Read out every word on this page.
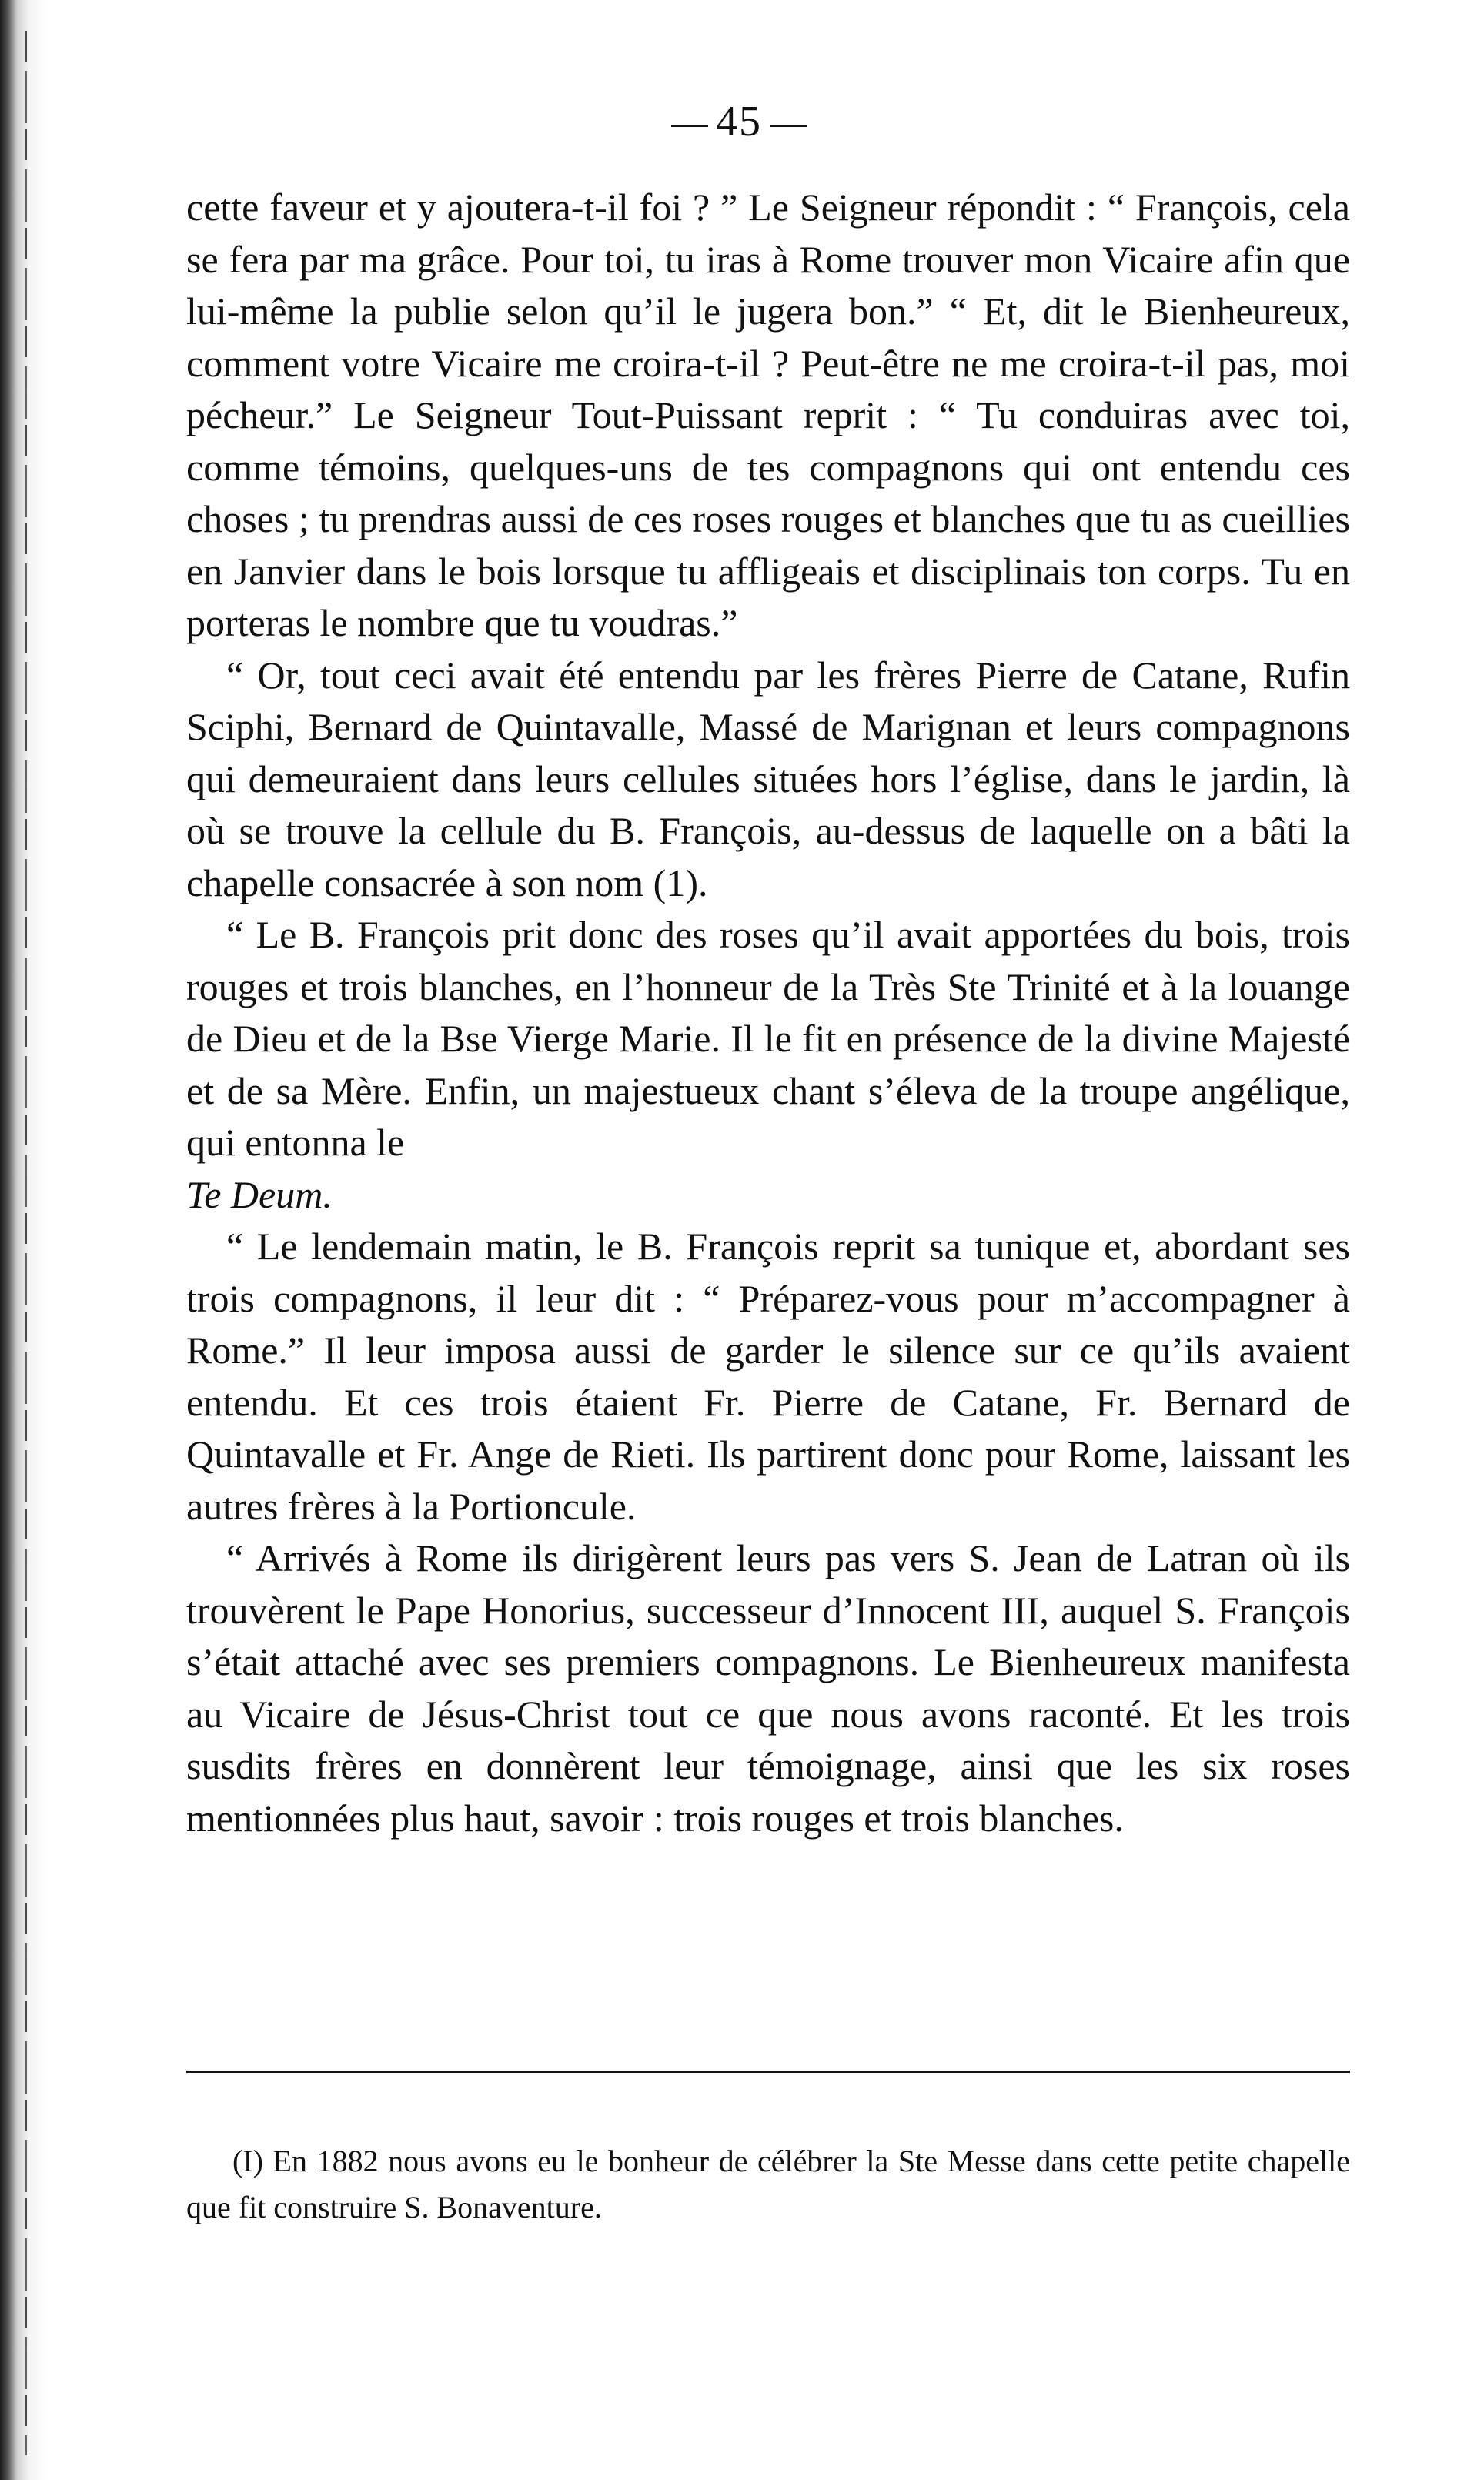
45

cette faveur et y ajoutera-t-il foi ? ” Le Seigneur répondit : “ François, cela se fera par ma grâce. Pour toi, tu iras à Rome trouver mon Vicaire afin que lui-même la publie selon qu’il le jugera bon.” “ Et, dit le Bienheureux, comment votre Vicaire me croira-t-il ? Peut-être ne me croira-t-il pas, moi pécheur.” Le Seigneur Tout-Puissant reprit : “ Tu conduiras avec toi, comme témoins, quelques-uns de tes compagnons qui ont entendu ces choses ; tu prendras aussi de ces roses rouges et blanches que tu as cueillies en Janvier dans le bois lorsque tu affligeais et disciplinais ton corps. Tu en porteras le nombre que tu voudras.”

“ Or, tout ceci avait été entendu par les frères Pierre de Catane, Rufin Sciphi, Bernard de Quintavalle, Massé de Marignan et leurs compagnons qui demeuraient dans leurs cellules situées hors l’église, dans le jardin, là où se trouve la cellule du B. François, au-dessus de laquelle on a bâti la chapelle consacrée à son nom (1).

“ Le B. François prit donc des roses qu’il avait apportées du bois, trois rouges et trois blanches, en l’honneur de la Très Ste Trinité et à la louange de Dieu et de la Bse Vierge Marie. Il le fit en présence de la divine Majesté et de sa Mère. Enfin, un majestueux chant s’éleva de la troupe angélique, qui entonna le
Te Deum.

“ Le lendemain matin, le B. François reprit sa tunique et, abordant ses trois compagnons, il leur dit : “ Préparez-vous pour m’accompagner à Rome.” Il leur imposa aussi de garder le silence sur ce qu’ils avaient entendu. Et ces trois étaient Fr. Pierre de Catane, Fr. Bernard de Quintavalle et Fr. Ange de Rieti. Ils partirent donc pour Rome, laissant les autres frères à la Portioncule.

“ Arrivés à Rome ils dirigèrent leurs pas vers S. Jean de Latran où ils trouvèrent le Pape Honorius, successeur d’Innocent III, auquel S. François s’était attaché avec ses premiers compagnons. Le Bienheureux manifesta au Vicaire de Jésus-Christ tout ce que nous avons raconté. Et les trois susdits frères en donnèrent leur témoignage, ainsi que les six roses mentionnées plus haut, savoir : trois rouges et trois blanches.

(I) En 1882 nous avons eu le bonheur de célébrer la Ste Messe dans cette petite chapelle que fit construire S. Bonaventure.
